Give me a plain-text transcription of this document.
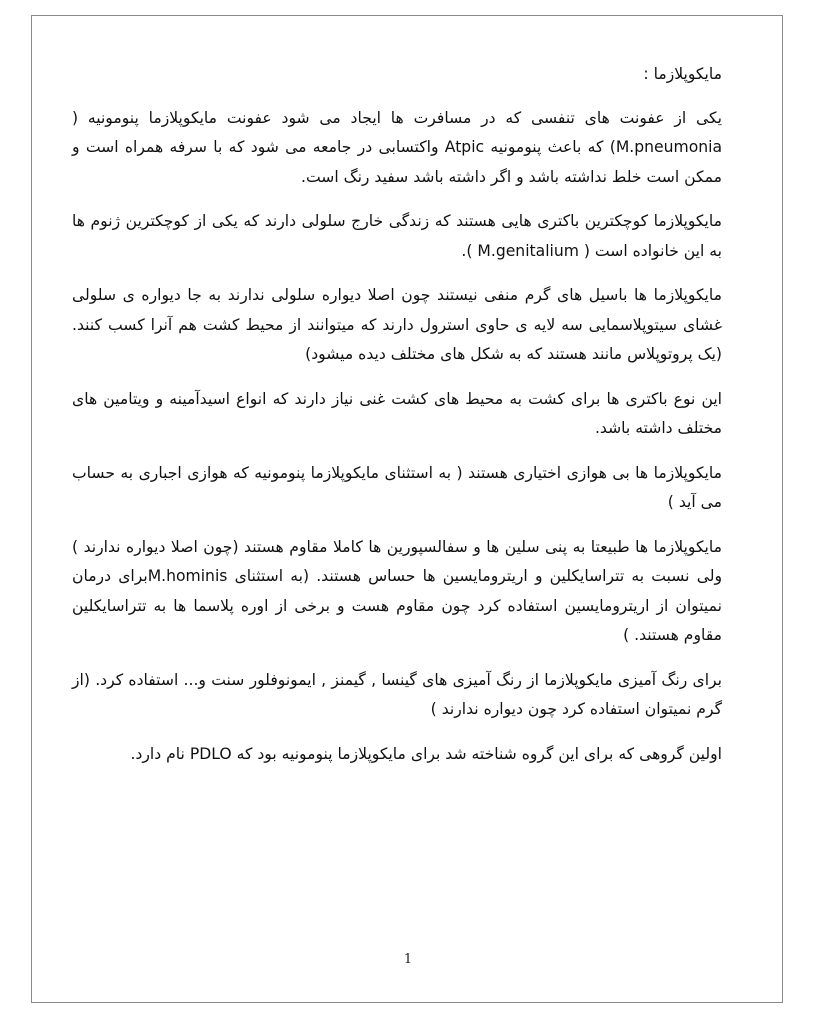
مایکوپلازما :

یکی از عفونت های تنفسی که در مسافرت ها ایجاد می شود عفونت مایکوپلازما پنومونیه ( M.pneumonia) که باعث پنومونیه Atpic واکتسابی در جامعه می شود که با سرفه همراه است و ممکن است خلط نداشته باشد و اگر داشته باشد سفید رنگ است.

مایکوپلازما کوچکترین باکتری هایی هستند که زندگی خارج سلولی دارند که یکی از کوچکترین ژنوم ها به این خانواده است ( M.genitalium ).

مایکوپلازما ها باسیل های گرم منفی نیستند چون اصلا دیواره سلولی ندارند به جا دیواره ی سلولی غشای سیتوپلاسمایی سه لایه ی حاوی استرول دارند که میتوانند از محیط کشت هم آنرا کسب کنند.(یک پروتوپلاس مانند هستند که به شکل های مختلف دیده میشود)

این نوع باکتری ها برای کشت به محیط های کشت غنی نیاز دارند که انواع اسیدآمینه و ویتامین های مختلف داشته باشد.

مایکوپلازما ها بی هوازی اختیاری هستند ( به استثنای مایکوپلازما پنومونیه که هوازی اجباری به حساب می آید )

مایکوپلازما ها طبیعتا به پنی سلین ها و سفالسپورین ها کاملا مقاوم هستند (چون اصلا دیواره ندارند ) ولی نسبت به تتراسایکلین و اریترومایسین ها حساس هستند. (به استثنای M.hominisبرای درمان نمیتوان از اریترومایسین استفاده کرد چون مقاوم هست و برخی از اوره پلاسما ها به تتراسایکلین مقاوم هستند. )

برای رنگ آمیزی مایکوپلازما از رنگ آمیزی های گینسا , گیمنز , ایمونوفلور سنت و... استفاده کرد. (از گرم نمیتوان استفاده کرد چون دیواره ندارند )

اولین گروهی که برای این گروه شناخته شد برای مایکوپلازما پنومونیه بود که PDLO نام دارد.

1
